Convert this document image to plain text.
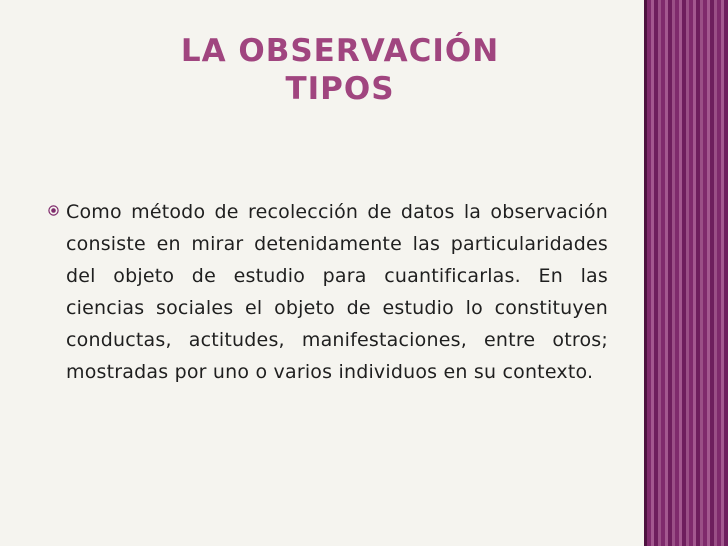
LA OBSERVACIÓN
TIPOS

Como método de recolección de datos la observación consiste en mirar detenidamente las particularidades del objeto de estudio para cuantificarlas. En las ciencias sociales el objeto de estudio lo constituyen conductas, actitudes, manifestaciones, entre otros; mostradas por uno o varios individuos en su contexto.
